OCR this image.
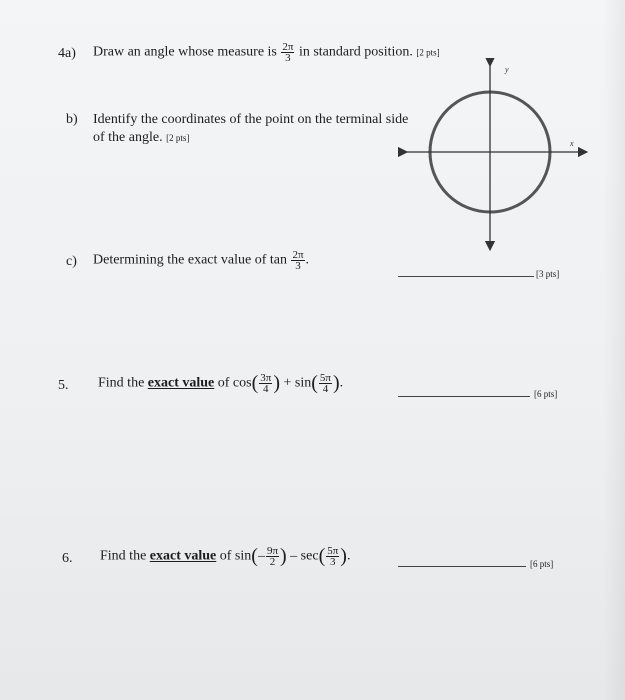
4a) Draw an angle whose measure is $\frac{2\pi}{3}$ in standard position. [2 pts]
b) Identify the coordinates of the point on the terminal side
of the angle. [2 pts]
y
x
c) Determining the exact value of $\tan \frac{2\pi}{3}$ .
[3 pts]
5. Find the exact value of $\cos( \frac{3\pi}{4}$ ) + $\sin( \frac{5\pi}{4}$ ).
[6 pts]
6. Find the exact value of $\sin(- \frac{9\pi}{2}$ ) – $\sec( \frac{5\pi}{3}$ ).
[6 pts]
